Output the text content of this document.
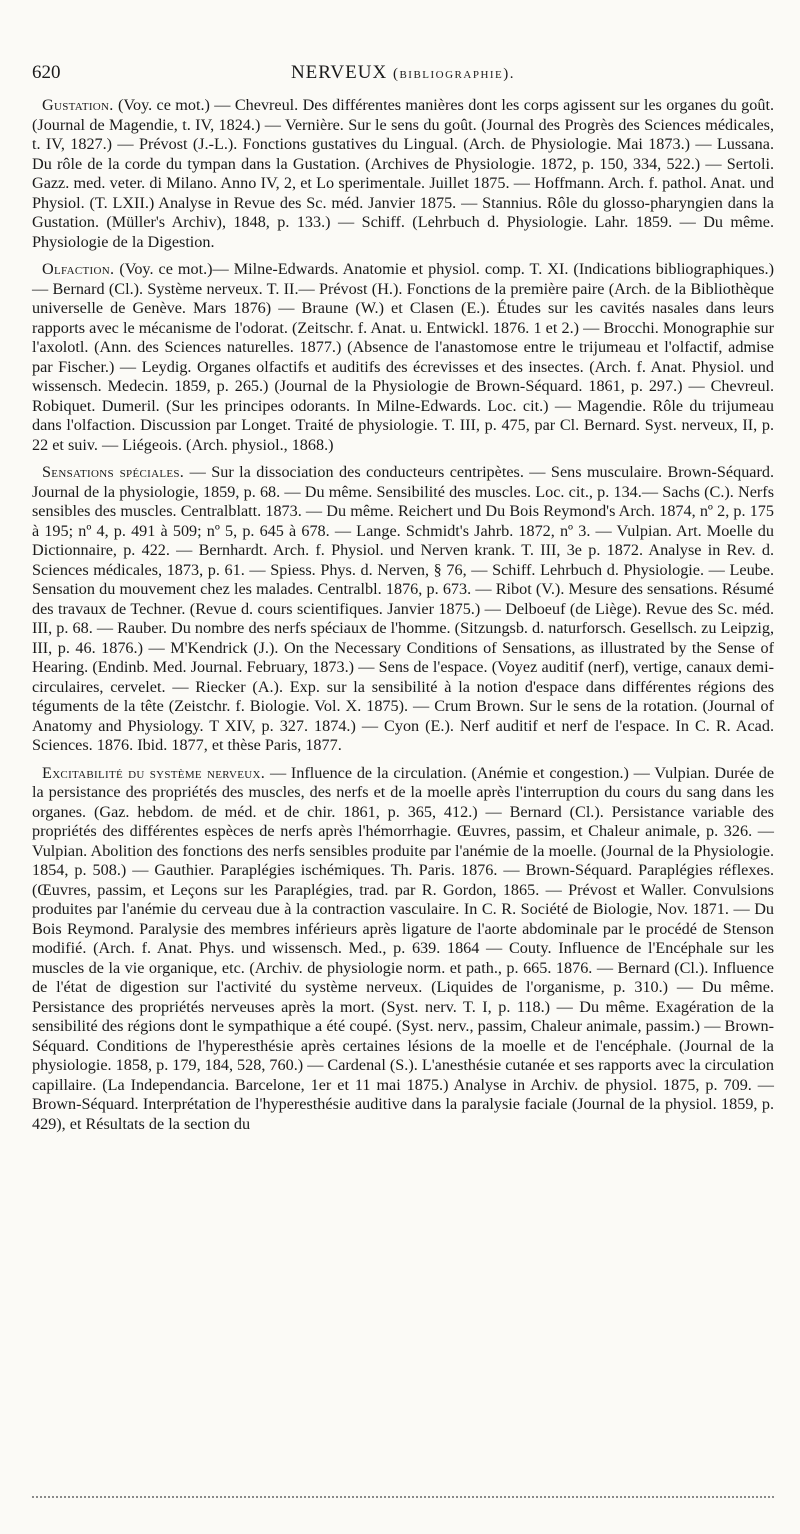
620	NERVEUX (bibliographie).

Gustation. (Voy. ce mot.) — Chevreul. Des différentes manières dont les corps agissent sur les organes du goût. (Journal de Magendie, t. IV, 1824.) — Vernière. Sur le sens du goût. (Journal des Progrès des Sciences médicales, t. IV, 1827.) — Prévost (J.-L.). Fonctions gustatives du Lingual. (Arch. de Physiologie. Mai 1873.) — Lussana. Du rôle de la corde du tympan dans la Gustation. (Archives de Physiologie. 1872, p. 150, 334, 522.) — Sertoli. Gazz. med. veter. di Milano. Anno IV, 2, et Lo sperimentale. Juillet 1875. — Hoffmann. Arch. f. pathol. Anat. und Physiol. (T. LXII.) Analyse in Revue des Sc. méd. Janvier 1875. — Stannius. Rôle du glosso-pharyngien dans la Gustation. (Müller's Archiv), 1848, p. 133.) — Schiff. (Lehrbuch d. Physiologie. Lahr. 1859. — Du même. Physiologie de la Digestion.

Olfaction. (Voy. ce mot.)— Milne-Edwards. Anatomie et physiol. comp. T. XI. (Indications bibliographiques.) — Bernard (Cl.). Système nerveux. T. II.— Prévost (H.). Fonctions de la première paire (Arch. de la Bibliothèque universelle de Genève. Mars 1876) — Braune (W.) et Clasen (E.). Études sur les cavités nasales dans leurs rapports avec le mécanisme de l'odorat. (Zeitschr. f. Anat. u. Entwickl. 1876. 1 et 2.) — Brocchi. Monographie sur l'axolotl. (Ann. des Sciences naturelles. 1877.) (Absence de l'anastomose entre le trijumeau et l'olfactif, admise par Fischer.) — Leydig. Organes olfactifs et auditifs des écrevisses et des insectes. (Arch. f. Anat. Physiol. und wissensch. Medecin. 1859, p. 265.) (Journal de la Physiologie de Brown-Séquard. 1861, p. 297.) — Chevreul. Robiquet. Dumeril. (Sur les principes odorants. In Milne-Edwards. Loc. cit.) — Magendie. Rôle du trijumeau dans l'olfaction. Discussion par Longet. Traité de physiologie. T. III, p. 475, par Cl. Bernard. Syst. nerveux, II, p. 22 et suiv. — Liégeois. (Arch. physiol., 1868.)

Sensations spéciales. — Sur la dissociation des conducteurs centripètes. — Sens musculaire. Brown-Séquard. Journal de la physiologie, 1859, p. 68. — Du même. Sensibilité des muscles. Loc. cit., p. 134.— Sachs (C.). Nerfs sensibles des muscles. Centralblatt. 1873. — Du même. Reichert und Du Bois Reymond's Arch. 1874, nº 2, p. 175 à 195; nº 4, p. 491 à 509; nº 5, p. 645 à 678. — Lange. Schmidt's Jahrb. 1872, nº 3. — Vulpian. Art. Moelle du Dictionnaire, p. 422. — Bernhardt. Arch. f. Physiol. und Nerven krank. T. III, 3e p. 1872. Analyse in Rev. d. Sciences médicales, 1873, p. 61. — Spiess. Phys. d. Nerven, § 76, — Schiff. Lehrbuch d. Physiologie. — Leube. Sensation du mouvement chez les malades. Centralbl. 1876, p. 673. — Ribot (V.). Mesure des sensations. Résumé des travaux de Techner. (Revue d. cours scientifiques. Janvier 1875.) — Delboeuf (de Liège). Revue des Sc. méd. III, p. 68. — Rauber. Du nombre des nerfs spéciaux de l'homme. (Sitzungsb. d. naturforsch. Gesellsch. zu Leipzig, III, p. 46. 1876.) — M'Kendrick (J.). On the Necessary Conditions of Sensations, as illustrated by the Sense of Hearing. (Endinb. Med. Journal. February, 1873.) — Sens de l'espace. (Voyez auditif (nerf), vertige, canaux demi-circulaires, cervelet. — Riecker (A.). Exp. sur la sensibilité à la notion d'espace dans différentes régions des téguments de la tête (Zeistchr. f. Biologie. Vol. X. 1875). — Crum Brown. Sur le sens de la rotation. (Journal of Anatomy and Physiology. T XIV, p. 327. 1874.) — Cyon (E.). Nerf auditif et nerf de l'espace. In C. R. Acad. Sciences. 1876. Ibid. 1877, et thèse Paris, 1877.

Excitabilité du système nerveux. — Influence de la circulation. (Anémie et congestion.) — Vulpian. Durée de la persistance des propriétés des muscles, des nerfs et de la moelle après l'interruption du cours du sang dans les organes. (Gaz. hebdom. de méd. et de chir. 1861, p. 365, 412.) — Bernard (Cl.). Persistance variable des propriétés des différentes espèces de nerfs après l'hémorrhagie. Œuvres, passim, et Chaleur animale, p. 326. — Vulpian. Abolition des fonctions des nerfs sensibles produite par l'anémie de la moelle. (Journal de la Physiologie. 1854, p. 508.) — Gauthier. Paraplégies ischémiques. Th. Paris. 1876. — Brown-Séquard. Paraplégies réflexes. (Œuvres, passim, et Leçons sur les Paraplégies, trad. par R. Gordon, 1865. — Prévost et Waller. Convulsions produites par l'anémie du cerveau due à la contraction vasculaire. In C. R. Société de Biologie, Nov. 1871. — Du Bois Reymond. Paralysie des membres inférieurs après ligature de l'aorte abdominale par le procédé de Stenson modifié. (Arch. f. Anat. Phys. und wissensch. Med., p. 639. 1864 — Couty. Influence de l'Encéphale sur les muscles de la vie organique, etc. (Archiv. de physiologie norm. et path., p. 665. 1876. — Bernard (Cl.). Influence de l'état de digestion sur l'activité du système nerveux. (Liquides de l'organisme, p. 310.) — Du même. Persistance des propriétés nerveuses après la mort. (Syst. nerv. T. I, p. 118.) — Du même. Exagération de la sensibilité des régions dont le sympathique a été coupé. (Syst. nerv., passim, Chaleur animale, passim.) — Brown-Séquard. Conditions de l'hyperesthésie après certaines lésions de la moelle et de l'encéphale. (Journal de la physiologie. 1858, p. 179, 184, 528, 760.) — Cardenal (S.). L'anesthésie cutanée et ses rapports avec la circulation capillaire. (La Independancia. Barcelone, 1er et 11 mai 1875.) Analyse in Archiv. de physiol. 1875, p. 709. — Brown-Séquard. Interprétation de l'hyperesthésie auditive dans la paralysie faciale (Journal de la physiol. 1859, p. 429), et Résultats de la section du
